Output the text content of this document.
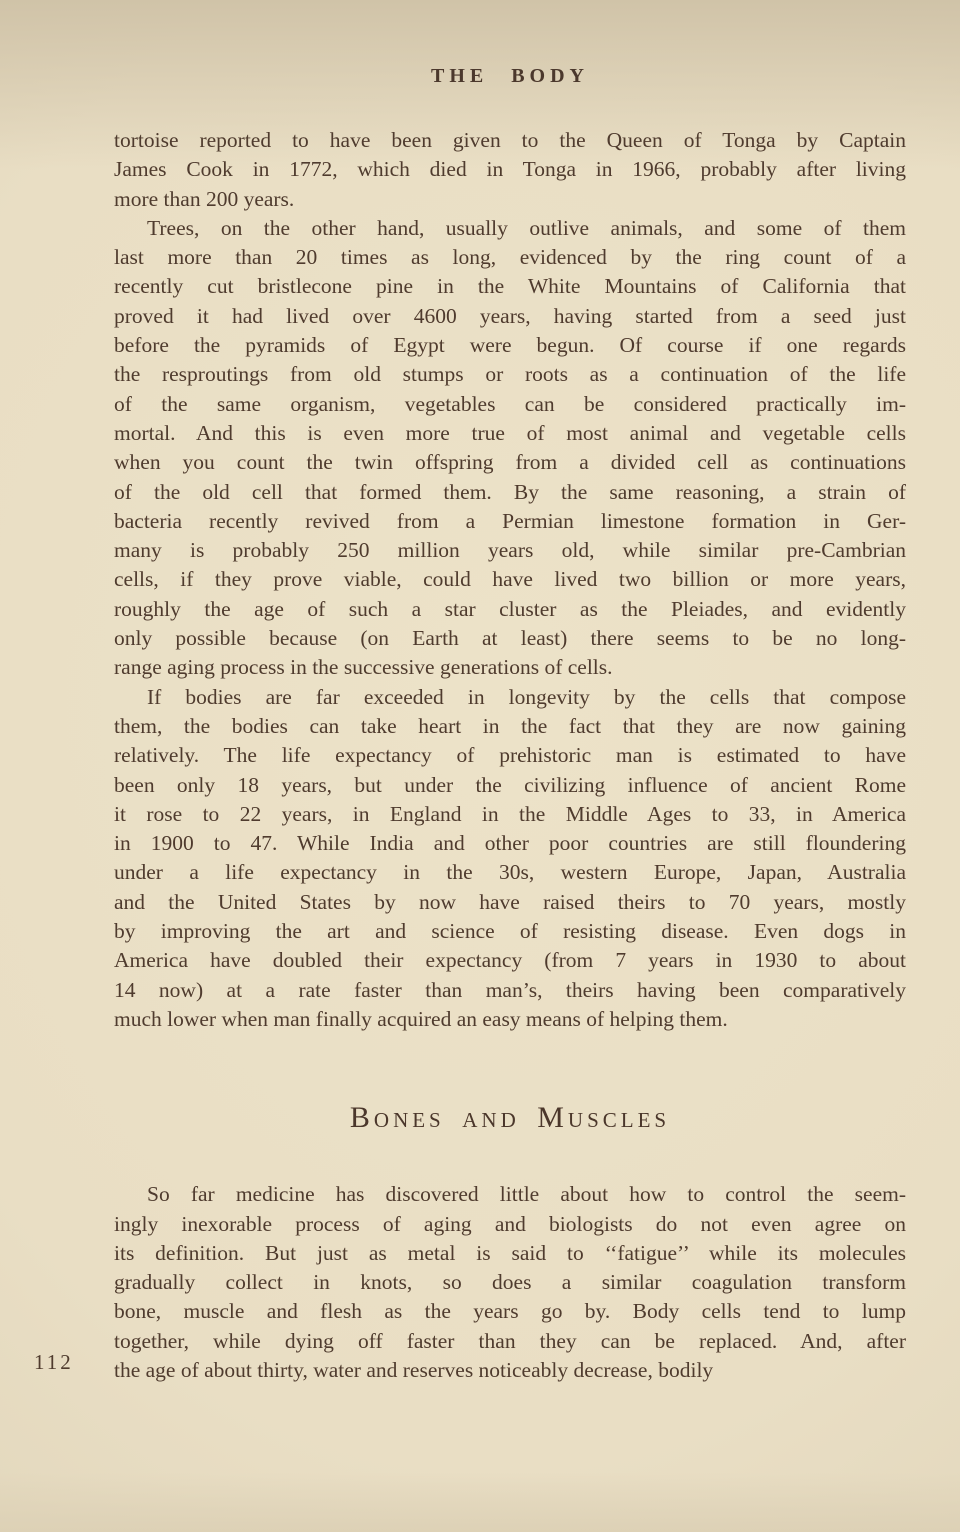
112
THE BODY
tortoise reported to have been given to the Queen of Tonga by Captain
James Cook in 1772, which died in Tonga in 1966, probably after living
more than 200 years.
Trees, on the other hand, usually outlive animals, and some of them
last more than 20 times as long, evidenced by the ring count of a
recently cut bristlecone pine in the White Mountains of California that
proved it had lived over 4600 years, having started from a seed just
before the pyramids of Egypt were begun. Of course if one regards
the resproutings from old stumps or roots as a continuation of the life
of the same organism, vegetables can be considered practically im-
mortal. And this is even more true of most animal and vegetable cells
when you count the twin offspring from a divided cell as continuations
of the old cell that formed them. By the same reasoning, a strain of
bacteria recently revived from a Permian limestone formation in Ger-
many is probably 250 million years old, while similar pre-Cambrian
cells, if they prove viable, could have lived two billion or more years,
roughly the age of such a star cluster as the Pleiades, and evidently
only possible because (on Earth at least) there seems to be no long-
range aging process in the successive generations of cells.
If bodies are far exceeded in longevity by the cells that compose
them, the bodies can take heart in the fact that they are now gaining
relatively. The life expectancy of prehistoric man is estimated to have
been only 18 years, but under the civilizing influence of ancient Rome
it rose to 22 years, in England in the Middle Ages to 33, in America
in 1900 to 47. While India and other poor countries are still floundering
under a life expectancy in the 30s, western Europe, Japan, Australia
and the United States by now have raised theirs to 70 years, mostly
by improving the art and science of resisting disease. Even dogs in
America have doubled their expectancy (from 7 years in 1930 to about
14 now) at a rate faster than man’s, theirs having been comparatively
much lower when man finally acquired an easy means of helping them.
Bones and Muscles
So far medicine has discovered little about how to control the seem-
ingly inexorable process of aging and biologists do not even agree on
its definition. But just as metal is said to ‘‘fatigue’’ while its molecules
gradually collect in knots, so does a similar coagulation transform
bone, muscle and flesh as the years go by. Body cells tend to lump
together, while dying off faster than they can be replaced. And, after
the age of about thirty, water and reserves noticeably decrease, bodily
